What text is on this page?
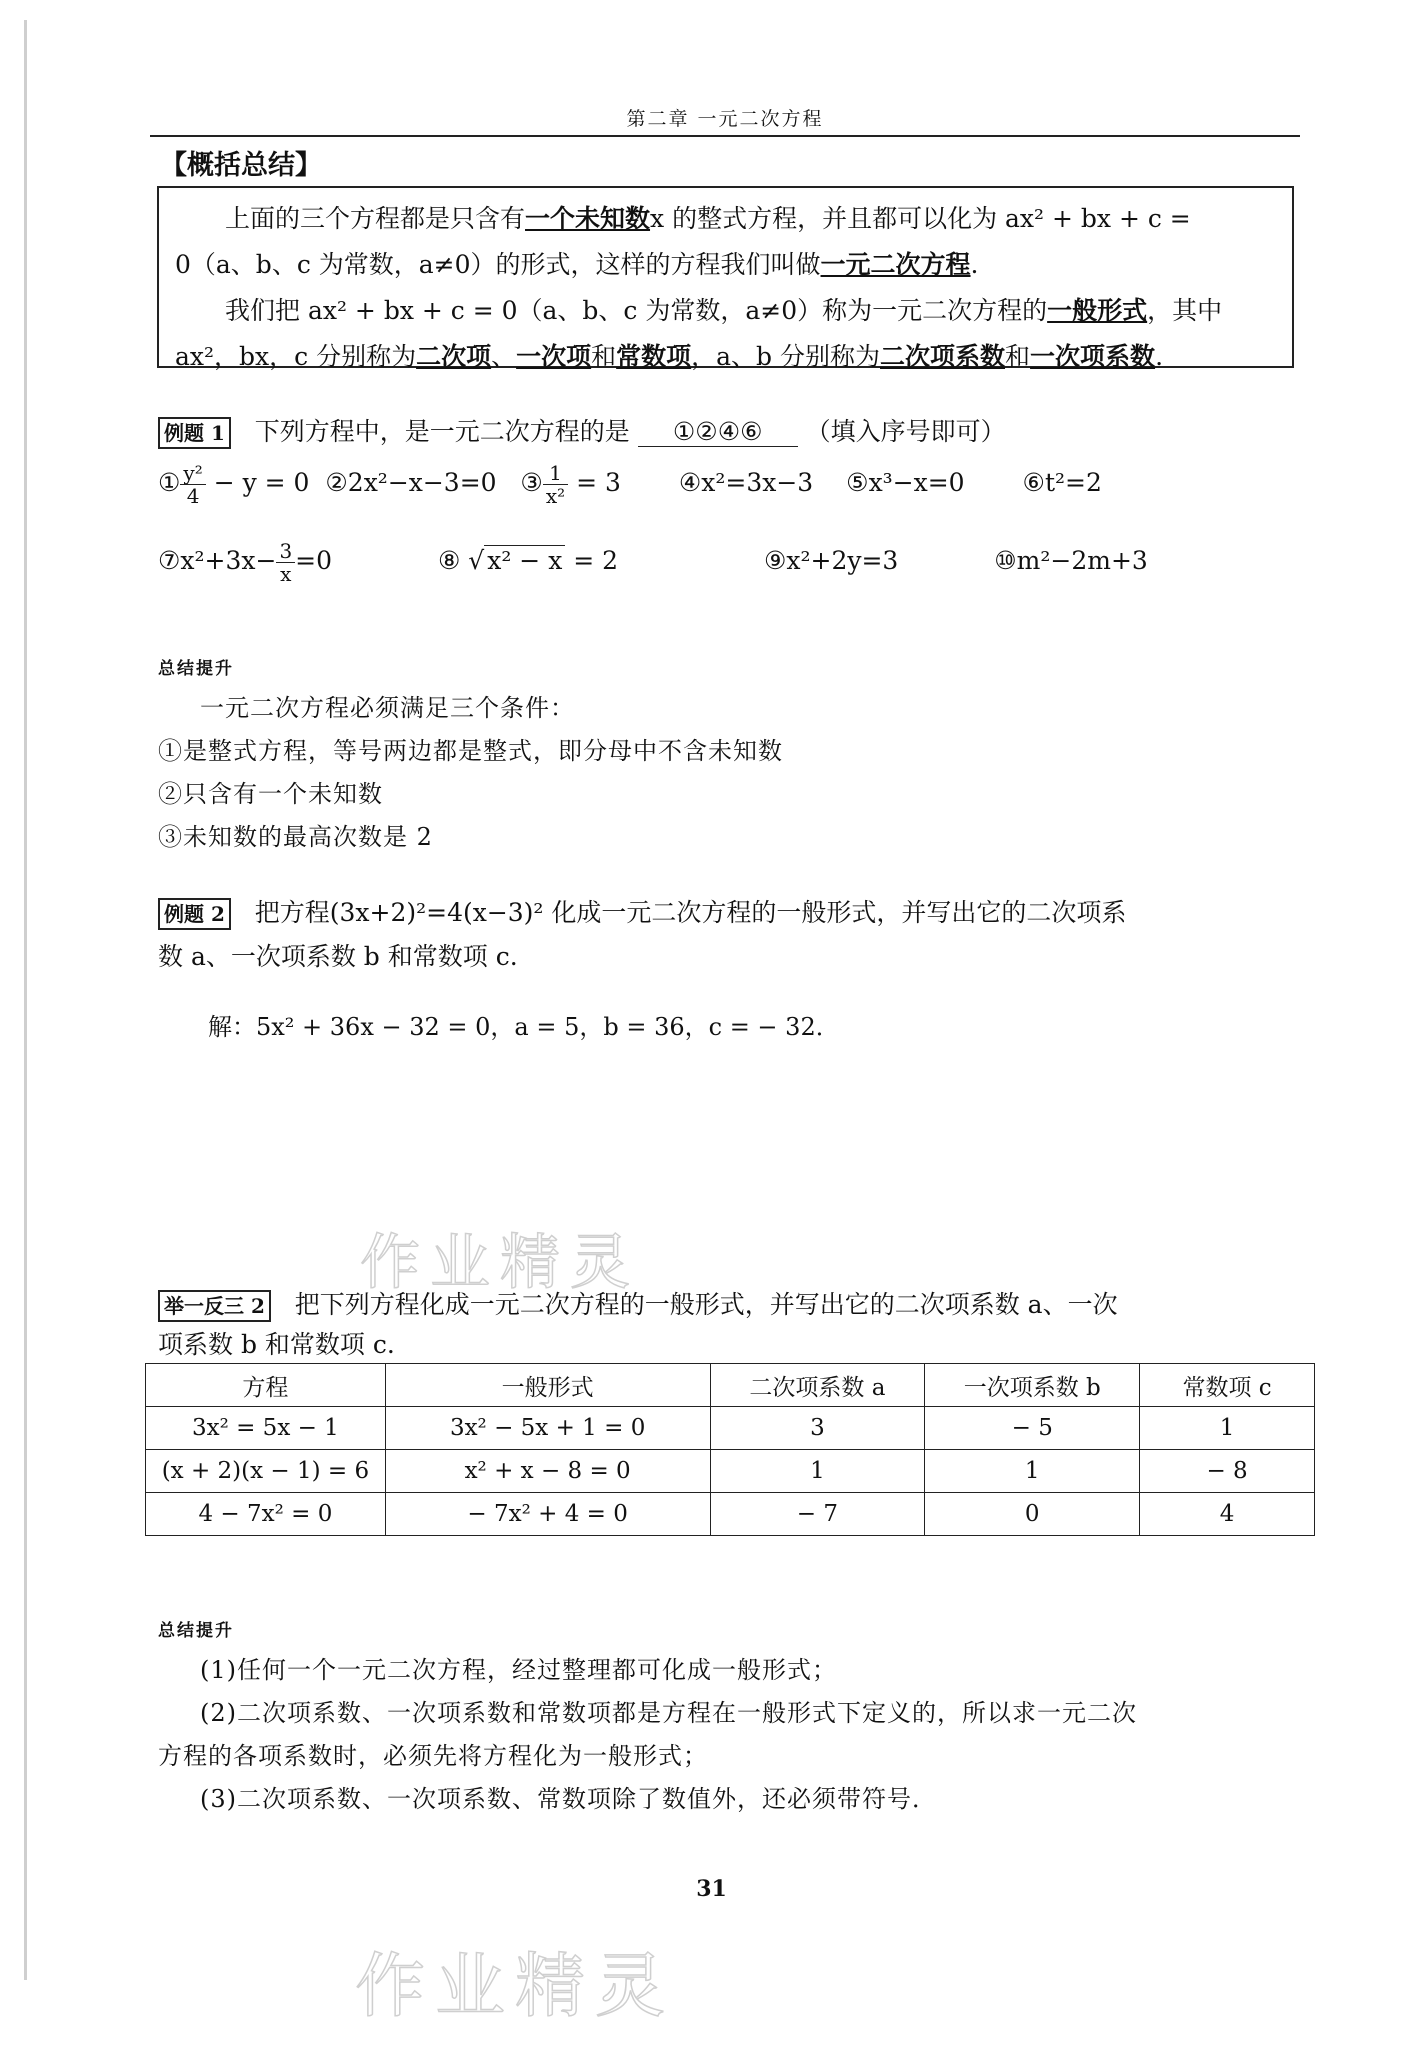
第二章 一元二次方程
【概括总结】

  上面的三个方程都是只含有一个未知数x 的整式方程，并且都可以化为 ax² + bx + c =
0（a、b、c 为常数，a≠0）的形式，这样的方程我们叫做一元二次方程.

  我们把 ax² + bx + c = 0（a、b、c 为常数，a≠0）称为一元二次方程的一般形式，其中
ax²，bx，c 分别称为二次项、一次项和常数项，a、b 分别称为二次项系数和一次项系数.

例题 1 下列方程中，是一元二次方程的是 ①②④⑥ （填入序号即可）
① $\frac{\text{y²}}{4} - y = 0$ ②2x²−x−3=0 ③ $\frac{1}{\text{x²}} = 3$    ④x²=3x−3   ⑤x³−x=0    ⑥t²=2
⑦x²+3x− $\frac{3}{x} =0$	⑧ √ x² − x = 2	⑨x²+2y=3	⑩m²−2m+3
总结提升
一元二次方程必须满足三个条件：
①是整式方程，等号两边都是整式，即分母中不含未知数
②只含有一个未知数
③未知数的最高次数是 2
例题 2 把方程(3x+2)²=4(x−3)² 化成一元二次方程的一般形式，并写出它的二次项系
数 a、一次项系数 b 和常数项 c.
解：5x² + 36x − 32 = 0，a = 5，b = 36，c = − 32．
作业精灵
举一反三 2 把下列方程化成一元二次方程的一般形式，并写出它的二次项系数 a、一次
项系数 b 和常数项 c.
方程	一般形式	二次项系数 a	一次项系数 b	常数项 c
3x² = 5x − 1	3x² − 5x + 1 = 0	3	− 5	1
(x + 2)(x − 1) = 6	x² + x − 8 = 0	1	1	− 8
4 − 7x² = 0	− 7x² + 4 = 0	− 7	0	4
总结提升
(1)任何一个一元二次方程，经过整理都可化成一般形式；
(2)二次项系数、一次项系数和常数项都是方程在一般形式下定义的，所以求一元二次
方程的各项系数时，必须先将方程化为一般形式；
(3)二次项系数、一次项系数、常数项除了数值外，还必须带符号．
31
作业精灵
